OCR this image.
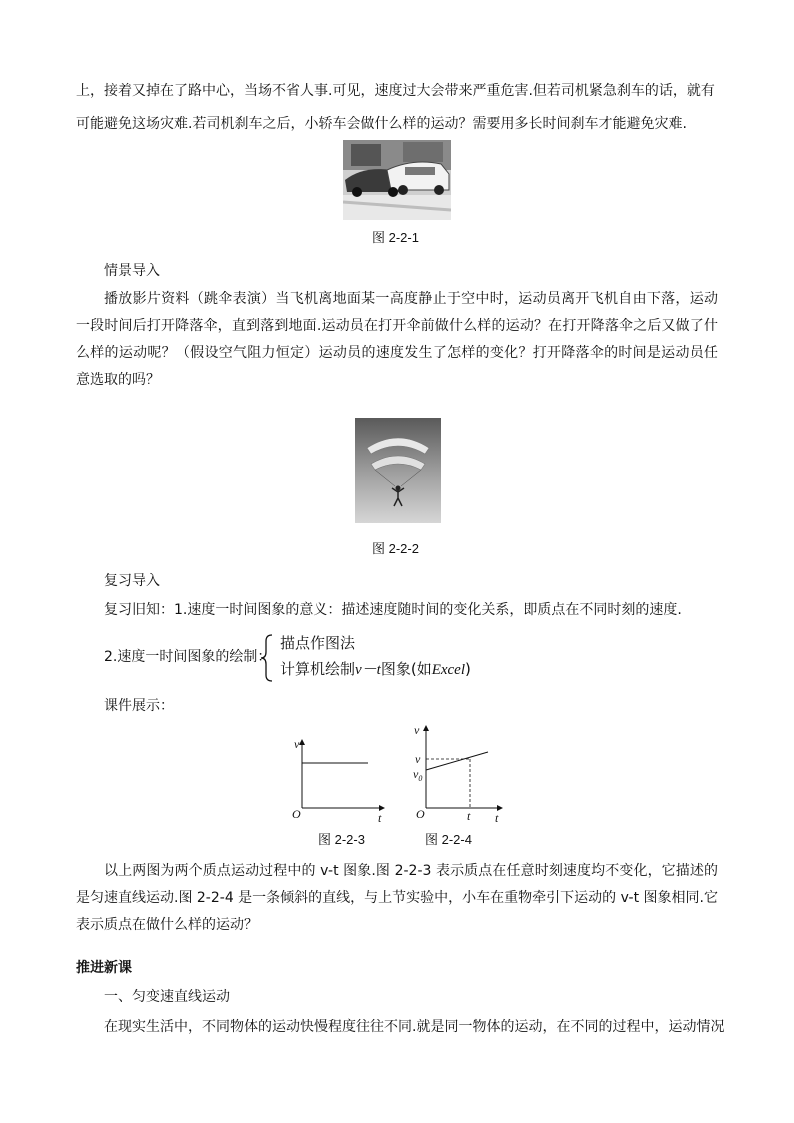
上，接着又掉在了路中心，当场不省人事.可见，速度过大会带来严重危害.但若司机紧急刹车的话，就有
可能避免这场灾难.若司机刹车之后，小轿车会做什么样的运动？需要用多长时间刹车才能避免灾难.
图 2-2-1
情景导入
播放影片资料（跳伞表演）当飞机离地面某一高度静止于空中时，运动员离开飞机自由下落，运动一段时间后打开降落伞，直到落到地面.运动员在打开伞前做什么样的运动？在打开降落伞之后又做了什么样的运动呢？（假设空气阻力恒定）运动员的速度发生了怎样的变化？打开降落伞的时间是运动员任意选取的吗？
图 2-2-2
复习导入
复习旧知：1.速度一时间图象的意义：描述速度随时间的变化关系，即质点在不同时刻的速度.
2.速度一时间图象的绘制：
描点作图法
计算机绘制v－t图象(如Excel)
课件展示：
v
O	t
v
v
$v_0$
O	t t
图 2-2-3	图 2-2-4
以上两图为两个质点运动过程中的 v-t 图象.图 2-2-3 表示质点在任意时刻速度均不变化，它描述的是匀速直线运动.图 2-2-4 是一条倾斜的直线，与上节实验中，小车在重物牵引下运动的 v-t 图象相同.它表示质点在做什么样的运动？
推进新课
一、匀变速直线运动
在现实生活中，不同物体的运动快慢程度往往不同.就是同一物体的运动，在不同的过程中，运动情况
